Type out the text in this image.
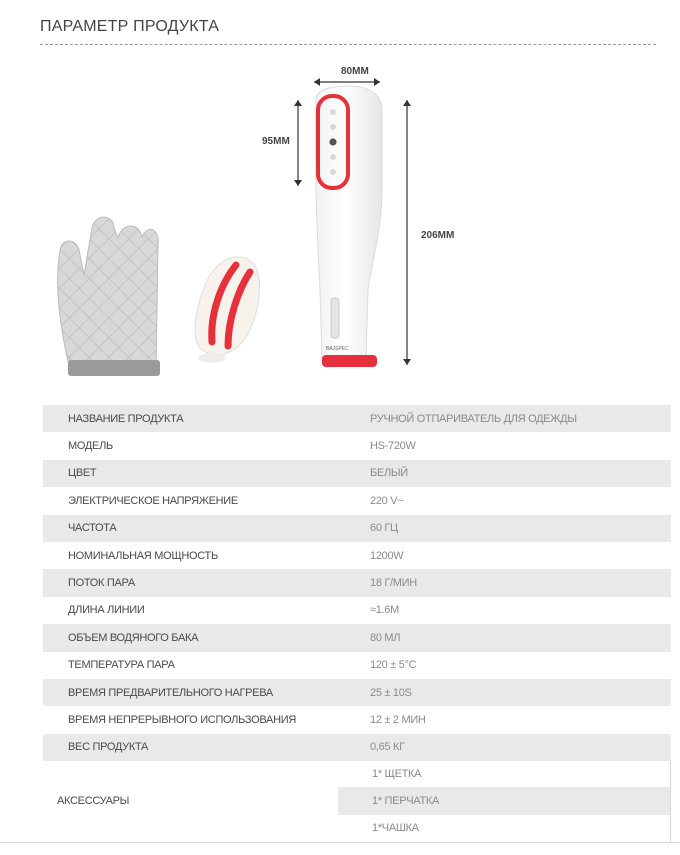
ПАРАМЕТР ПРОДУКТА
80MM
95MM
206MM
BAJSPEC
НАЗВАНИЕ ПРОДУКТА	РУЧНОЙ ОТПАРИВАТЕЛЬ ДЛЯ ОДЕЖДЫ
МОДЕЛЬ	HS-720W
ЦВЕТ	БЕЛЫЙ
ЭЛЕКТРИЧЕСКОЕ НАПРЯЖЕНИЕ	220 V~
ЧАСТОТА	60 ГЦ
НОМИНАЛЬНАЯ МОЩНОСТЬ	1200W
ПОТОК ПАРА	18 Г/МИН
ДЛИНА ЛИНИИ	≈1.6M
ОБЪЕМ ВОДЯНОГО БАКА	80 МЛ
ТЕМПЕРАТУРА ПАРА	120 ± 5°C
ВРЕМЯ ПРЕДВАРИТЕЛЬНОГО НАГРЕВА	25 ± 10S
ВРЕМЯ НЕПРЕРЫВНОГО ИСПОЛЬЗОВАНИЯ	12 ± 2 МИН
ВЕС ПРОДУКТА	0,65 КГ
АКСЕССУАРЫ
1* ЩЕТКА
1* ПЕРЧАТКА
1*ЧАШКА
